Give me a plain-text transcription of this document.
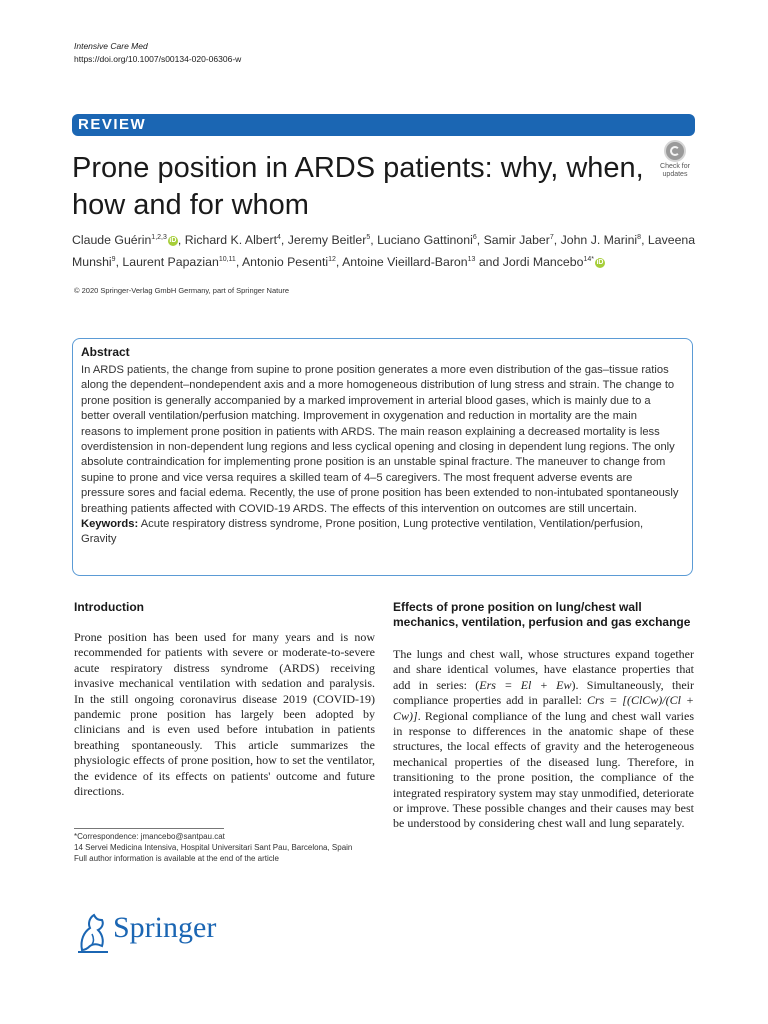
Intensive Care Med
https://doi.org/10.1007/s00134-020-06306-w
REVIEW
Prone position in ARDS patients: why, when, how and for whom
Check for
updates
Claude Guérin$^{1,2,3}$ iD , Richard K. Albert$^4$, Jeremy Beitler$^5$, Luciano Gattinoni$^6$, Samir Jaber$^7$, John J. Marini$^8$, Laveena Munshi$^9$, Laurent Papazian$^{10,11}$, Antonio Pesenti$^{12}$, Antoine Vieillard-Baron$^{13}$ and Jordi Mancebo$^{14*}$ iD
© 2020 Springer-Verlag GmbH Germany, part of Springer Nature
Abstract
In ARDS patients, the change from supine to prone position generates a more even distribution of the gas–tissue ratios along the dependent–nondependent axis and a more homogeneous distribution of lung stress and strain. The change to prone position is generally accompanied by a marked improvement in arterial blood gases, which is mainly due to a better overall ventilation/perfusion matching. Improvement in oxygenation and reduction in mortality are the main reasons to implement prone position in patients with ARDS. The main reason explaining a decreased mortality is less overdistension in non-dependent lung regions and less cyclical opening and closing in dependent lung regions. The only absolute contraindication for implementing prone position is an unstable spinal fracture. The maneuver to change from supine to prone and vice versa requires a skilled team of 4–5 caregivers. The most frequent adverse events are pressure sores and facial edema. Recently, the use of prone position has been extended to non-intubated spontaneously breathing patients affected with COVID-19 ARDS. The effects of this intervention on outcomes are still uncertain.
Keywords: Acute respiratory distress syndrome, Prone position, Lung protective ventilation, Ventilation/perfusion, Gravity
Introduction
Prone position has been used for many years and is now recommended for patients with severe or moderate-to-severe acute respiratory distress syndrome (ARDS) receiving invasive mechanical ventilation with sedation and paralysis. In the still ongoing coronavirus disease 2019 (COVID-19) pandemic prone position has largely been adopted by clinicians and is even used before intubation in patients breathing spontaneously. This article summarizes the physiologic effects of prone position, how to set the ventilator, the evidence of its effects on patients' outcome and future directions.
Effects of prone position on lung/chest wall mechanics, ventilation, perfusion and gas exchange
The lungs and chest wall, whose structures expand together and share identical volumes, have elastance properties that add in series: (Ers = El + Ew). Simultaneously, their compliance properties add in parallel: Crs = [(ClCw)/(Cl + Cw)]. Regional compliance of the lung and chest wall varies in response to differences in the anatomic shape of these structures, the local effects of gravity and the heterogeneous mechanical properties of the diseased lung. Therefore, in transitioning to the prone position, the compliance of the integrated respiratory system may stay unmodified, deteriorate or improve. These possible changes and their causes may best be understood by considering chest wall and lung separately.
*Correspondence: jmancebo@santpau.cat
14 Servei Medicina Intensiva, Hospital Universitari Sant Pau, Barcelona, Spain
Full author information is available at the end of the article
Springer
